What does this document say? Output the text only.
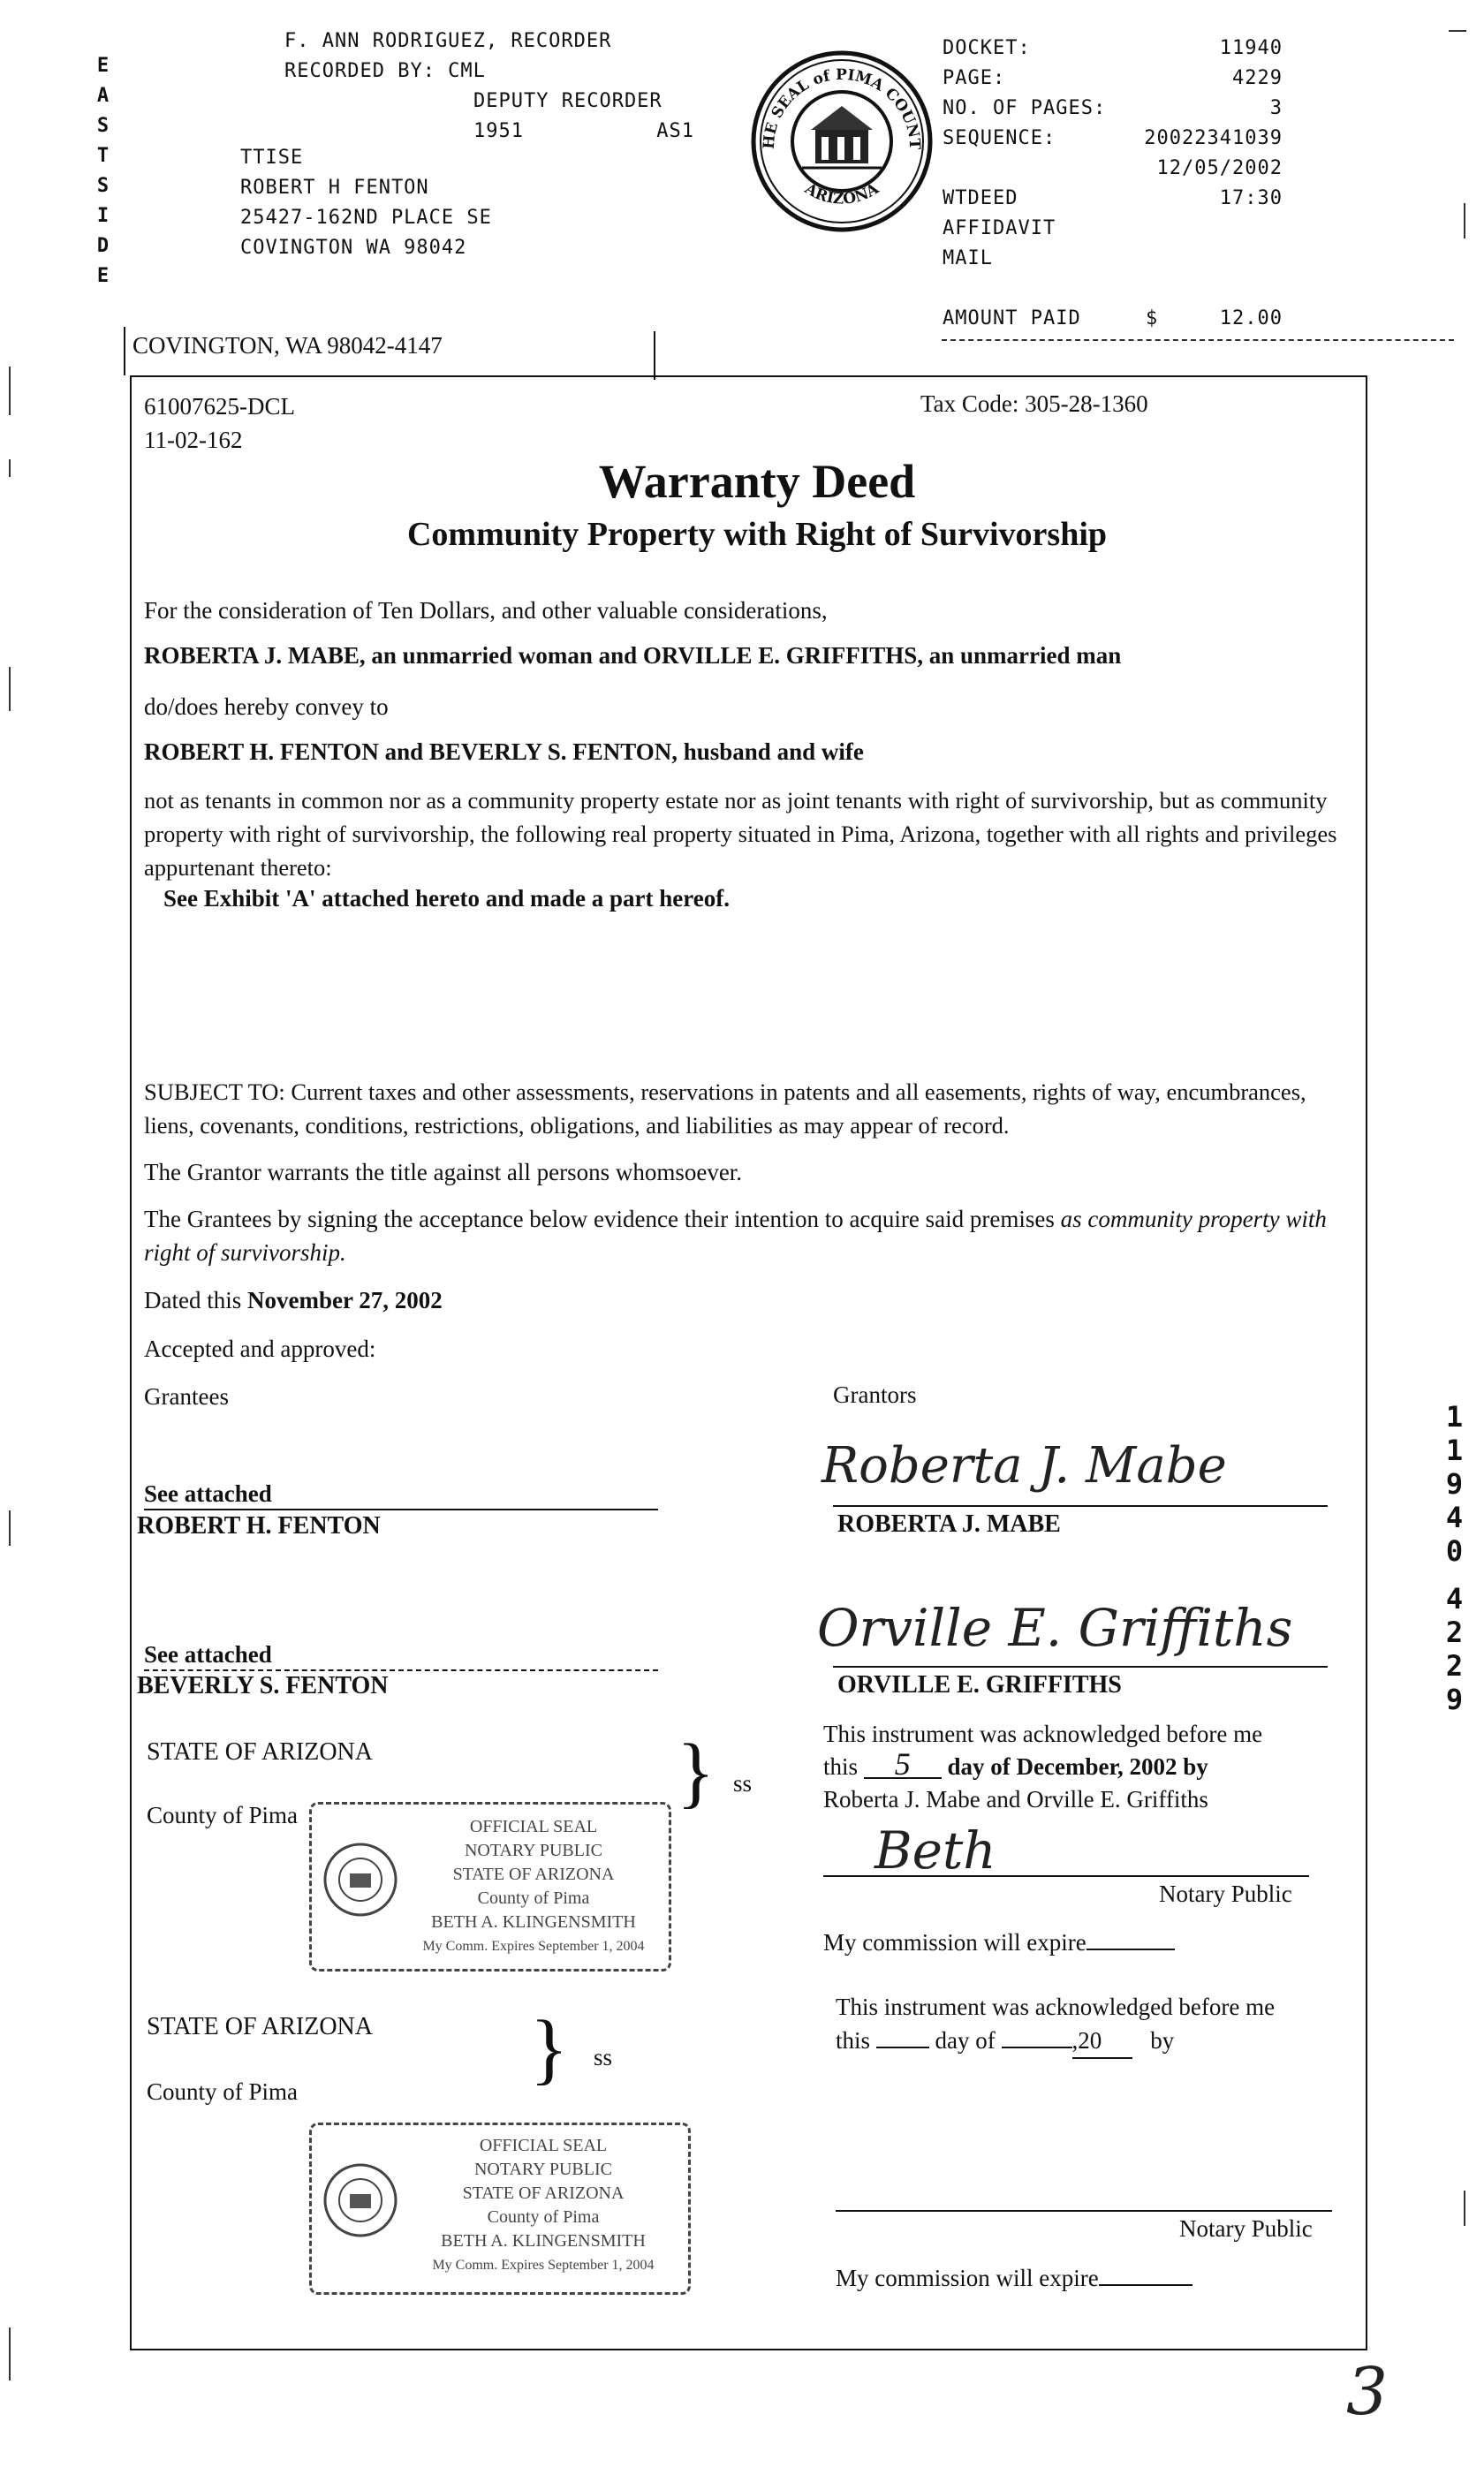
E
A
S
T
S
I
D
E
F. ANN RODRIGUEZ, RECORDER
RECORDED BY: CML
DEPUTY RECORDER
1951	AS1
TTISE
ROBERT H FENTON
25427-162ND PLACE SE
COVINGTON WA 98042
HE SEAL of PIMA COUNT
ARIZONA
DOCKET:	11940
PAGE:	4229
NO. OF PAGES:	3
SEQUENCE:	20022341039
12/05/2002
WTDEED	17:30
AFFIDAVIT
MAIL
AMOUNT PAID	$	12.00
COVINGTON, WA 98042-4147
61007625-DCL
11-02-162
Tax Code: 305-28-1360
Warranty Deed
Community Property with Right of Survivorship
For the consideration of Ten Dollars, and other valuable considerations,
ROBERTA J. MABE, an unmarried woman and ORVILLE E. GRIFFITHS, an unmarried man
do/does hereby convey to
ROBERT H. FENTON and BEVERLY S. FENTON, husband and wife
not as tenants in common nor as a community property estate nor as joint tenants with right of survivorship, but as community property with right of survivorship, the following real property situated in Pima, Arizona, together with all rights and privileges appurtenant thereto:
See Exhibit 'A' attached hereto and made a part hereof.
SUBJECT TO: Current taxes and other assessments, reservations in patents and all easements, rights of way, encumbrances, liens, covenants, conditions, restrictions, obligations, and liabilities as may appear of record.
The Grantor warrants the title against all persons whomsoever.
The Grantees by signing the acceptance below evidence their intention to acquire said premises as community property with right of survivorship.
Dated this November 27, 2002
Accepted and approved:
Grantees	Grantors
See attached
ROBERT H. FENTON
Roberta J. Mabe
ROBERTA J. MABE
See attached
BEVERLY S. FENTON
Orville E. Griffiths
ORVILLE E. GRIFFITHS
STATE OF ARIZONA	} ss
County of Pima	OFFICIAL SEAL
NOTARY PUBLIC
STATE OF ARIZONA
County of Pima
BETH A. KLINGENSMITH
My Comm. Expires September 1, 2004
This instrument was acknowledged before me
this 5 day of December, 2002 by
Roberta J. Mabe and Orville E. Griffiths
Beth
Notary Public
My commission will expire
STATE OF ARIZONA } ss
County of Pima
OFFICIAL SEAL
NOTARY PUBLIC
STATE OF ARIZONA
County of Pima
BETH A. KLINGENSMITH
My Comm. Expires September 1, 2004
This instrument was acknowledged before me
this	day of	,20 by
Notary Public
My commission will expire
1
1
9
4
0
4
2
2
9
3
